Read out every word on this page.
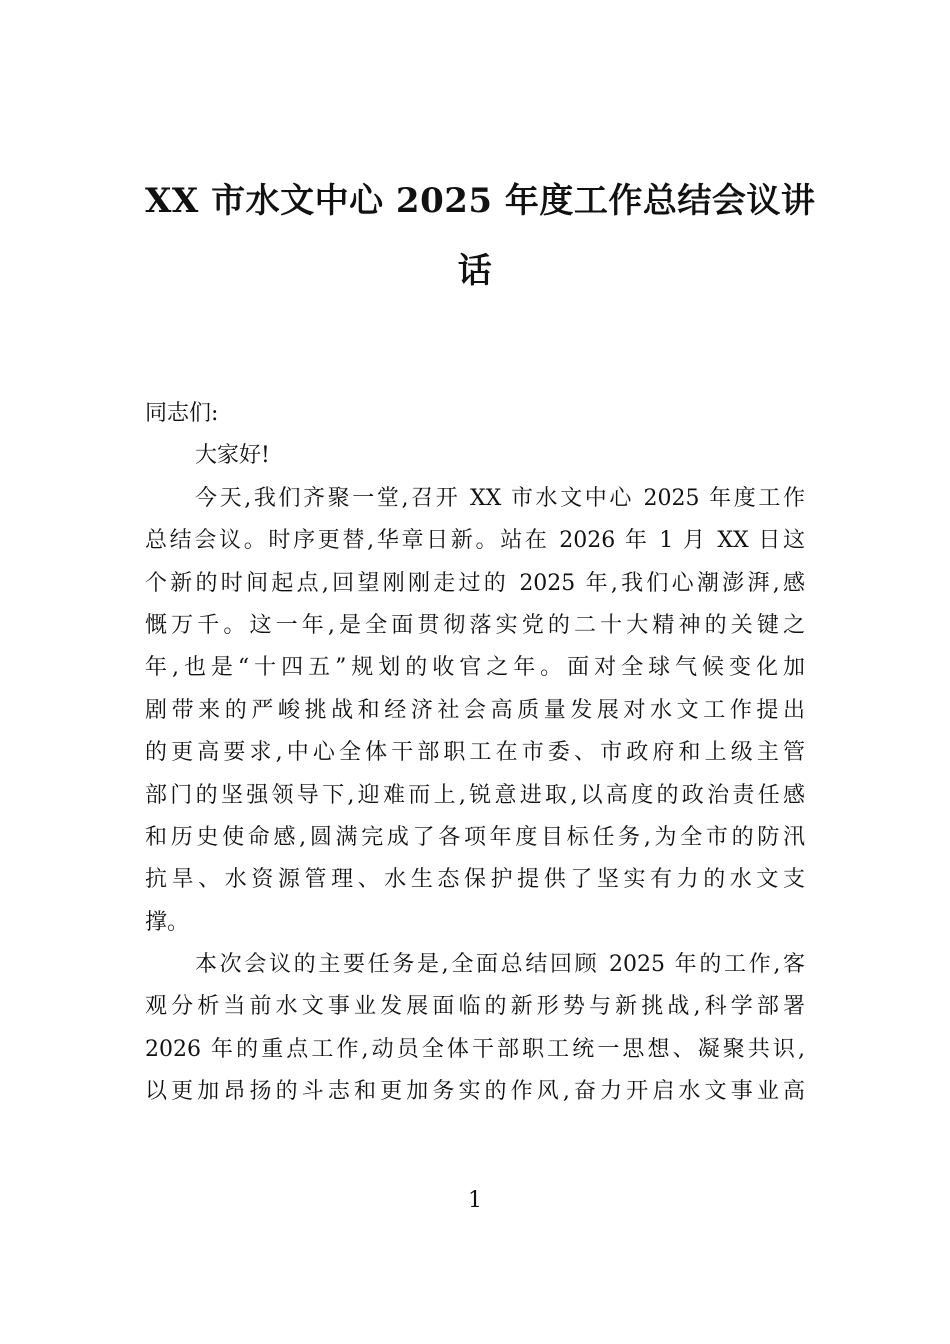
XX 市水文中心 2025 年度工作总结会议讲
话
同志们:
大家好!
今天,我们齐聚一堂,召开 XX 市水文中心 2025 年度工作
总结会议。时序更替,华章日新。站在 2026 年 1 月 XX 日这
个新的时间起点,回望刚刚走过的 2025 年,我们心潮澎湃,感
慨万千。这一年,是全面贯彻落实党的二十大精神的关键之
年,也是“十四五”规划的收官之年。面对全球气候变化加
剧带来的严峻挑战和经济社会高质量发展对水文工作提出
的更高要求,中心全体干部职工在市委、市政府和上级主管
部门的坚强领导下,迎难而上,锐意进取,以高度的政治责任感
和历史使命感,圆满完成了各项年度目标任务,为全市的防汛
抗旱、水资源管理、水生态保护提供了坚实有力的水文支
撑。
本次会议的主要任务是,全面总结回顾 2025 年的工作,客
观分析当前水文事业发展面临的新形势与新挑战,科学部署
2026 年的重点工作,动员全体干部职工统一思想、凝聚共识,
以更加昂扬的斗志和更加务实的作风,奋力开启水文事业高
1
